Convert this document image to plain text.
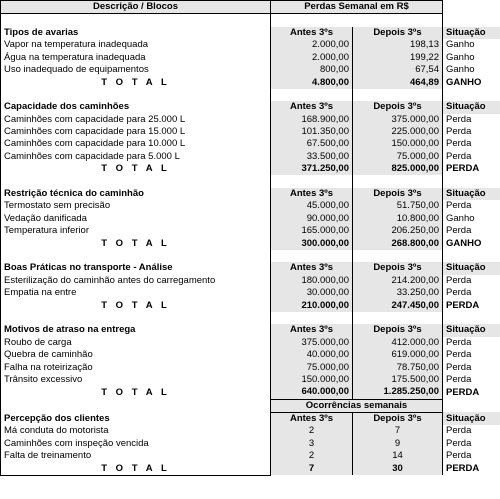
Descrição / Blocos	Perdas Semanal em R$		

Tipos de avarias	Antes 3ºs	Depois 3ºs	Situação
Vapor na temperatura inadequada	2.000,00	198,13	Ganho
Água na temperatura inadequada	2.000,00	199,22	Ganho
Uso inadequado de equipamentos	800,00	67,54	Ganho
T O T A L	4.800,00	464,89	GANHO

Capacidade dos caminhões	Antes 3ºs	Depois 3ºs	Situação
Caminhões com capacidade para 25.000 L	168.900,00	375.000,00	Perda
Caminhões com capacidade para 15.000 L	101.350,00	225.000,00	Perda
Caminhões com capacidade para 10.000 L	67.500,00	150.000,00	Perda
Caminhões com capacidade para 5.000 L	33.500,00	75.000,00	Perda
T O T A L	371.250,00	825.000,00	PERDA

Restrição técnica do caminhão	Antes 3ºs	Depois 3ºs	Situação
Termostato sem precisão	45.000,00	51.750,00	Perda
Vedação danificada	90.000,00	10.800,00	Ganho
Temperatura inferior	165.000,00	206.250,00	Perda
T O T A L	300.000,00	268.800,00	GANHO

Boas Práticas no transporte - Análise	Antes 3ºs	Depois 3ºs	Situação
Esterilização do caminhão antes do carregamento	180.000,00	214.200,00	Perda
Empatia na entre	30.000,00	33.250,00	Perda
T O T A L	210.000,00	247.450,00	PERDA

Motivos de atraso na entrega	Antes 3ºs	Depois 3ºs	Situação
Roubo de carga	375.000,00	412.000,00	Perda
Quebra de caminhão	40.000,00	619.000,00	Perda
Falha na roteirização	75.000,00	78.750,00	Perda
Trânsito excessivo	150.000,00	175.500,00	Perda
T O T A L	640.000,00	1.285.250,00	PERDA
	Ocorrências semanais		
Percepção dos clientes	Antes 3ºs	Depois 3ºs	Situação
Má conduta do motorista	2	7	Perda
Caminhões com inspeção vencida	3	9	Perda
Falta de treinamento	2	14	Perda
T O T A L	7	30	PERDA
